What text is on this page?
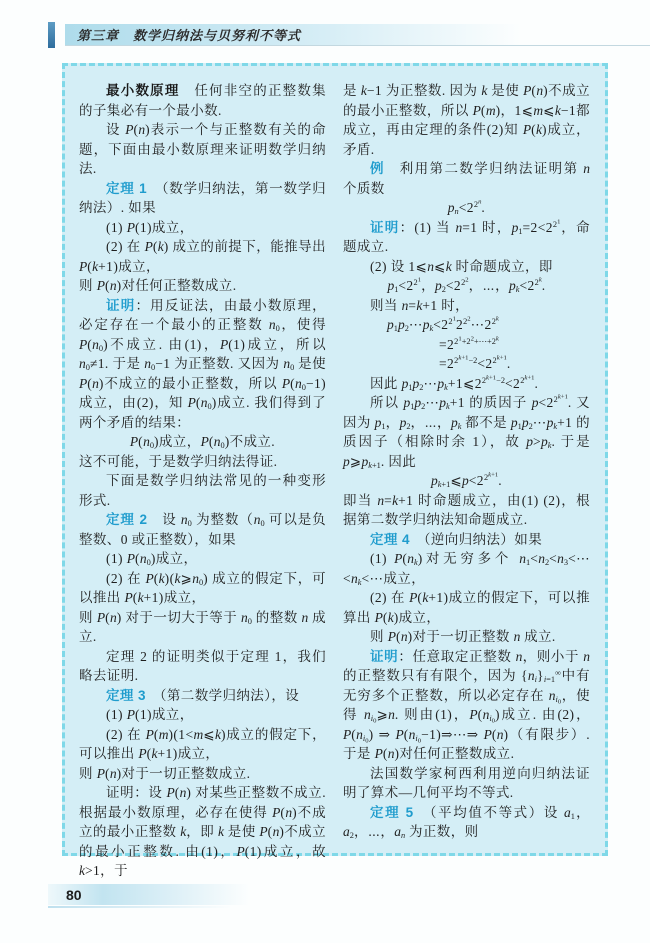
第三章 数学归纳法与贝努利不等式
最小数原理　任何非空的正整数集的子集必有一个最小数.
设 P(n)表示一个与正整数有关的命题，下面由最小数原理来证明数学归纳法.
定理 1　（数学归纳法，第一数学归纳法）. 如果
(1) P(1)成立，
(2) 在 P(k) 成立的前提下，能推导出 P(k+1)成立，
则 P(n)对任何正整数成立.
证明：用反证法，由最小数原理，必定存在一个最小的正整数 $n_0$，使得 $P(n_0)$不成立. 由(1)，P(1)成立，所以 $n_0\ne 1$. 于是 $n_0-1$ 为正整数. 又因为 $n_0$ 是使 P(n)不成立的最小正整数，所以 $P(n_0-1)$成立，由(2)，知 $P(n_0)$成立. 我们得到了两个矛盾的结果：
$P(n_0)$成立，$P(n_0)$不成立.
这不可能，于是数学归纳法得证.
下面是数学归纳法常见的一种变形形式.
定理 2　设 $n_0$ 为整数（$n_0$ 可以是负整数、0 或正整数），如果
(1) $P(n_0)$成立，
(2) 在 $P(k)(k⩾n_0)$ 成立的假定下，可以推出 P(k+1)成立，
则 P(n) 对于一切大于等于 $n_0$ 的整数 n 成立.
定理 2 的证明类似于定理 1，我们略去证明.
定理 3　（第二数学归纳法），设
(1) P(1)成立，
(2) 在 P(m)(1<m⩽k)成立的假定下，可以推出 P(k+1)成立，
则 P(n)对于一切正整数成立.
证明：设 P(n) 对某些正整数不成立. 根据最小数原理，必存在使得 P(n)不成立的最小正整数 k，即 k 是使 P(n)不成立的最小正整数. 由(1)，P(1)成立，故 k>1，于
是 k−1 为正整数. 因为 k 是使 P(n)不成立的最小正整数，所以 P(m)，1⩽m⩽k−1都成立，再由定理的条件(2)知 P(k)成立，矛盾.
例　利用第二数学归纳法证明第 n 个质数
$p_n<2^{2^n}$.
证明：(1) 当 n=1 时，$p_1=2<2^{2^1}$，命题成立.
(2) 设 1⩽n⩽k 时命题成立，即
$p_1<2^{2^1}$，$p_2<2^{2^2}$，⋯，$p_k<2^{2^k}$.
则当 n=k+1 时，
$p_1p_2\cdots p_k<2^{2^1}2^{2^2}\cdots 2^{2^k}$
$=2^{2^1+2^2+\cdots+2^k}$
$=2^{2^{k+1}-2}<2^{2^{k+1}}$.
因此 $p_1p_2\cdots p_k+1⩽2^{2^{k+1}-2}<2^{2^{k+1}}$.
所以 $p_1p_2\cdots p_k+1$ 的质因子 $p<2^{2^{k+1}}$. 又因为 $p_1$，$p_2$，⋯，$p_k$ 都不是 $p_1p_2\cdots p_k+1$ 的质因子（相除时余 1），故 $p>p_k$. 于是 $p⩾p_{k+1}$. 因此
$p_{k+1}⩽p<2^{2^{k+1}}$.
即当 n=k+1 时命题成立，由(1) (2)，根据第二数学归纳法知命题成立.
定理 4　（逆向归纳法）如果
(1) $P(n_k)$对无穷多个 $n_1<n_2<n_3<\cdots<n_k<\cdots$成立，
(2) 在 P(k+1)成立的假定下，可以推算出 P(k)成立，
则 P(n)对于一切正整数 n 成立.
证明：任意取定正整数 n，则小于 n 的正整数只有有限个，因为 $\{n_i\}_{i=1}^\infty$中有无穷多个正整数，所以必定存在 $n_{i_0}$，使得 $n_{i_0}⩾n$. 则由(1)，$P(n_{i_0})$成立. 由(2)，$P(n_{i_0})$ ⇒ $P(n_{i_0}-1)\Rightarrow\cdots\Rightarrow$ P(n)（有限步）. 于是 P(n)对任何正整数成立.
法国数学家柯西利用逆向归纳法证明了算术—几何平均不等式.
定理 5　（平均值不等式）设 $a_1$，$a_2$，⋯，$a_n$ 为正数，则
80
